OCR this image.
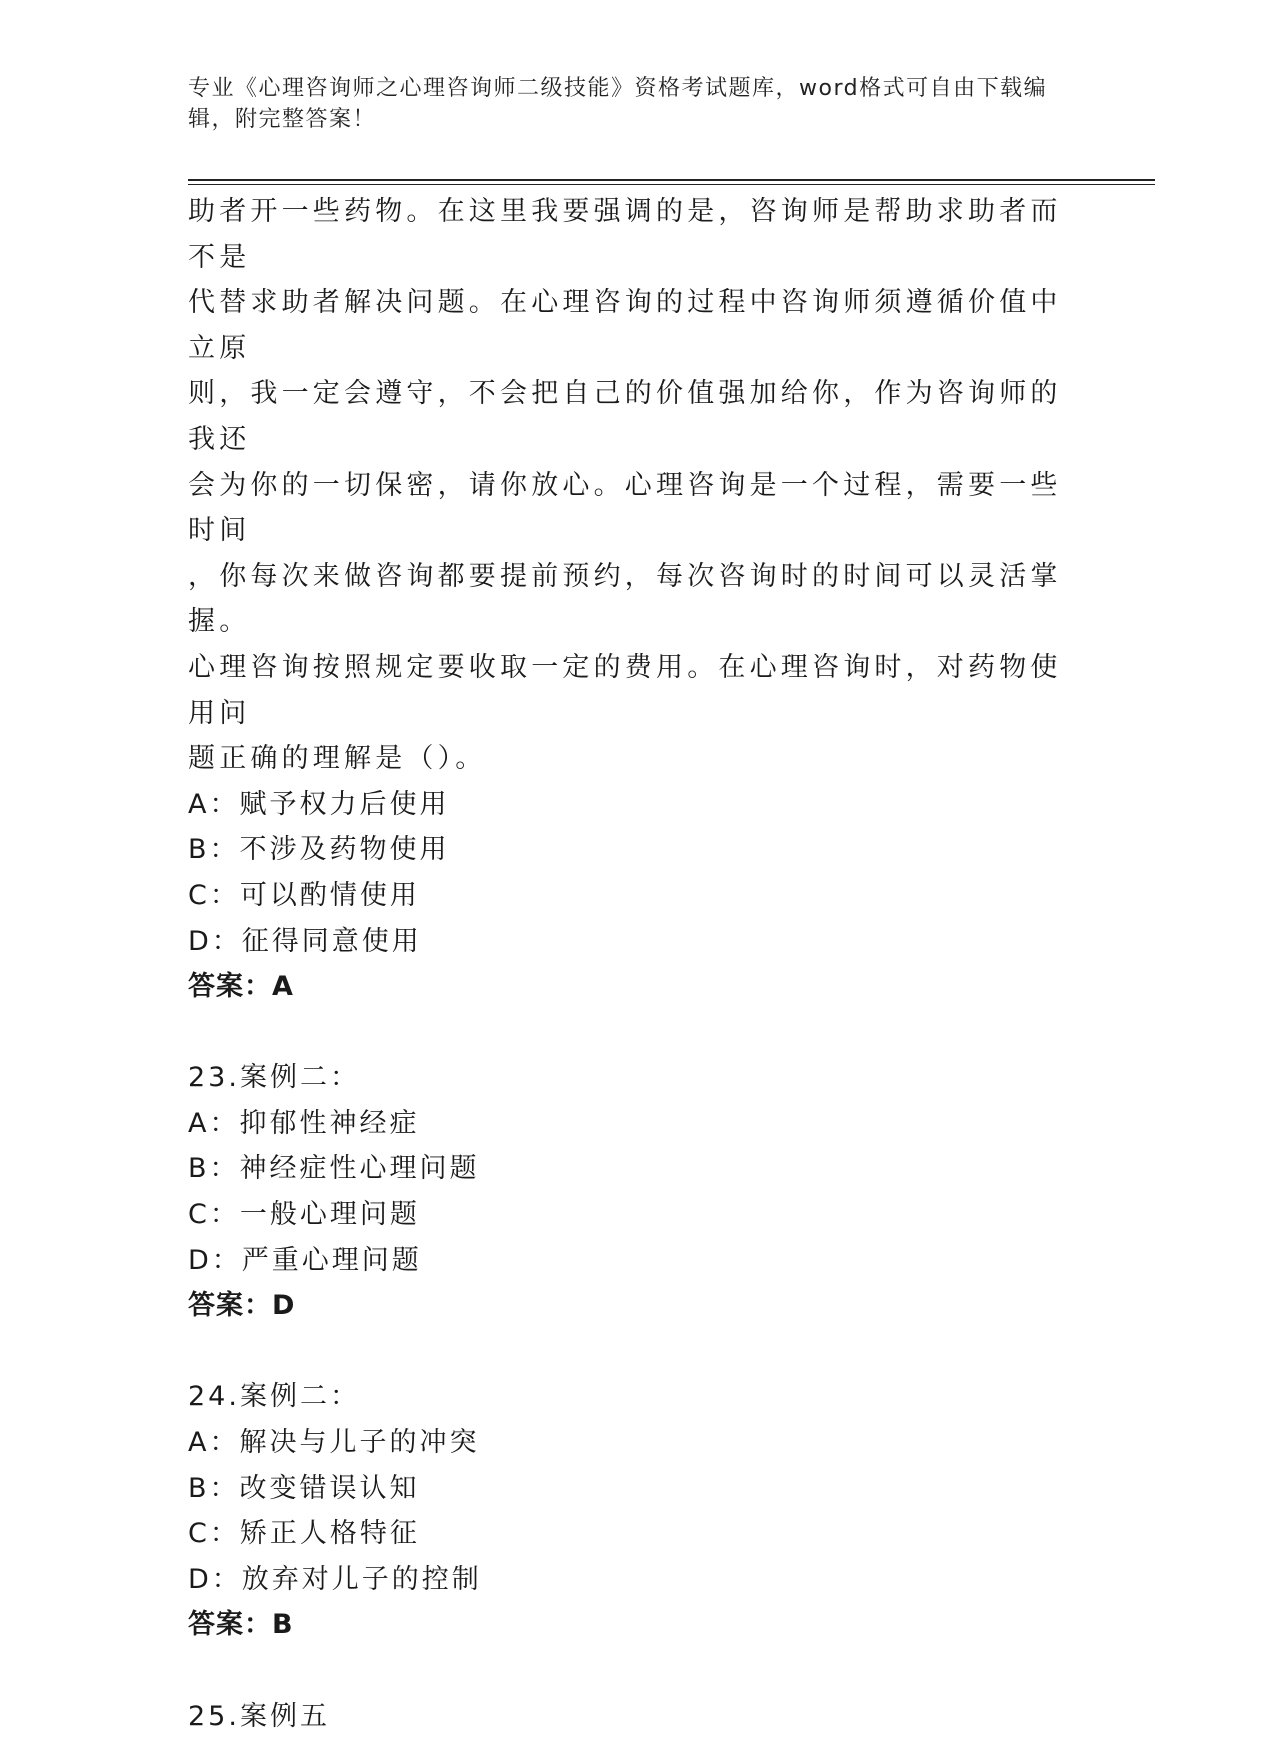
专业《心理咨询师之心理咨询师二级技能》资格考试题库，word格式可自由下载编辑，附完整答案！
助者开一些药物。在这里我要强调的是，咨询师是帮助求助者而不是
代替求助者解决问题。在心理咨询的过程中咨询师须遵循价值中立原
则，我一定会遵守，不会把自己的价值强加给你，作为咨询师的我还
会为你的一切保密，请你放心。心理咨询是一个过程，需要一些时间
，你每次来做咨询都要提前预约，每次咨询时的时间可以灵活掌握。
心理咨询按照规定要收取一定的费用。在心理咨询时，对药物使用问
题正确的理解是（）。
A：赋予权力后使用
B：不涉及药物使用
C：可以酌情使用
D：征得同意使用
答案：A
23.案例二：
A：抑郁性神经症
B：神经症性心理问题
C：一般心理问题
D：严重心理问题
答案：D
24.案例二：
A：解决与儿子的冲突
B：改变错误认知
C：矫正人格特征
D：放弃对儿子的控制
答案：B
25.案例五
